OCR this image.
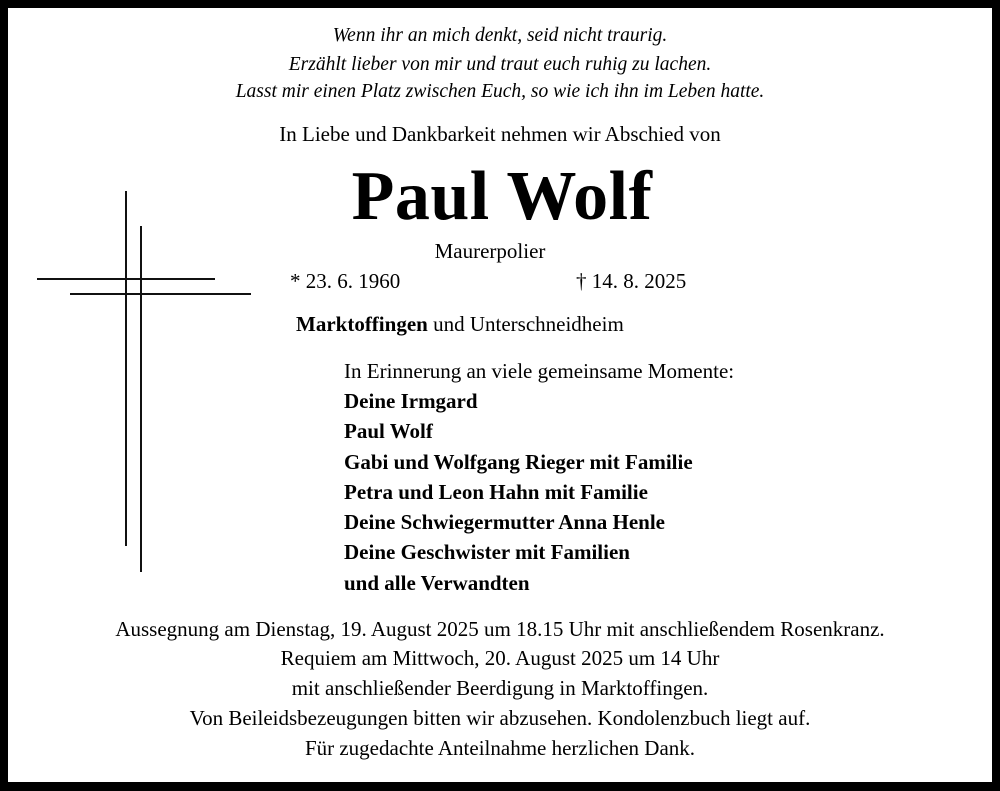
Wenn ihr an mich denkt, seid nicht traurig.
Erzählt lieber von mir und traut euch ruhig zu lachen.
Lasst mir einen Platz zwischen Euch, so wie ich ihn im Leben hatte.
In Liebe und Dankbarkeit nehmen wir Abschied von
Paul Wolf
Maurerpolier
* 23. 6. 1960	† 14. 8. 2025
Marktoffingen und Unterschneidheim
In Erinnerung an viele gemeinsame Momente:
Deine Irmgard
Paul Wolf
Gabi und Wolfgang Rieger mit Familie
Petra und Leon Hahn mit Familie
Deine Schwiegermutter Anna Henle
Deine Geschwister mit Familien
und alle Verwandten
Aussegnung am Dienstag, 19. August 2025 um 18.15 Uhr mit anschließendem Rosenkranz.
Requiem am Mittwoch, 20. August 2025 um 14 Uhr
mit anschließender Beerdigung in Marktoffingen.
Von Beileidsbezeugungen bitten wir abzusehen. Kondolenzbuch liegt auf.
Für zugedachte Anteilnahme herzlichen Dank.
